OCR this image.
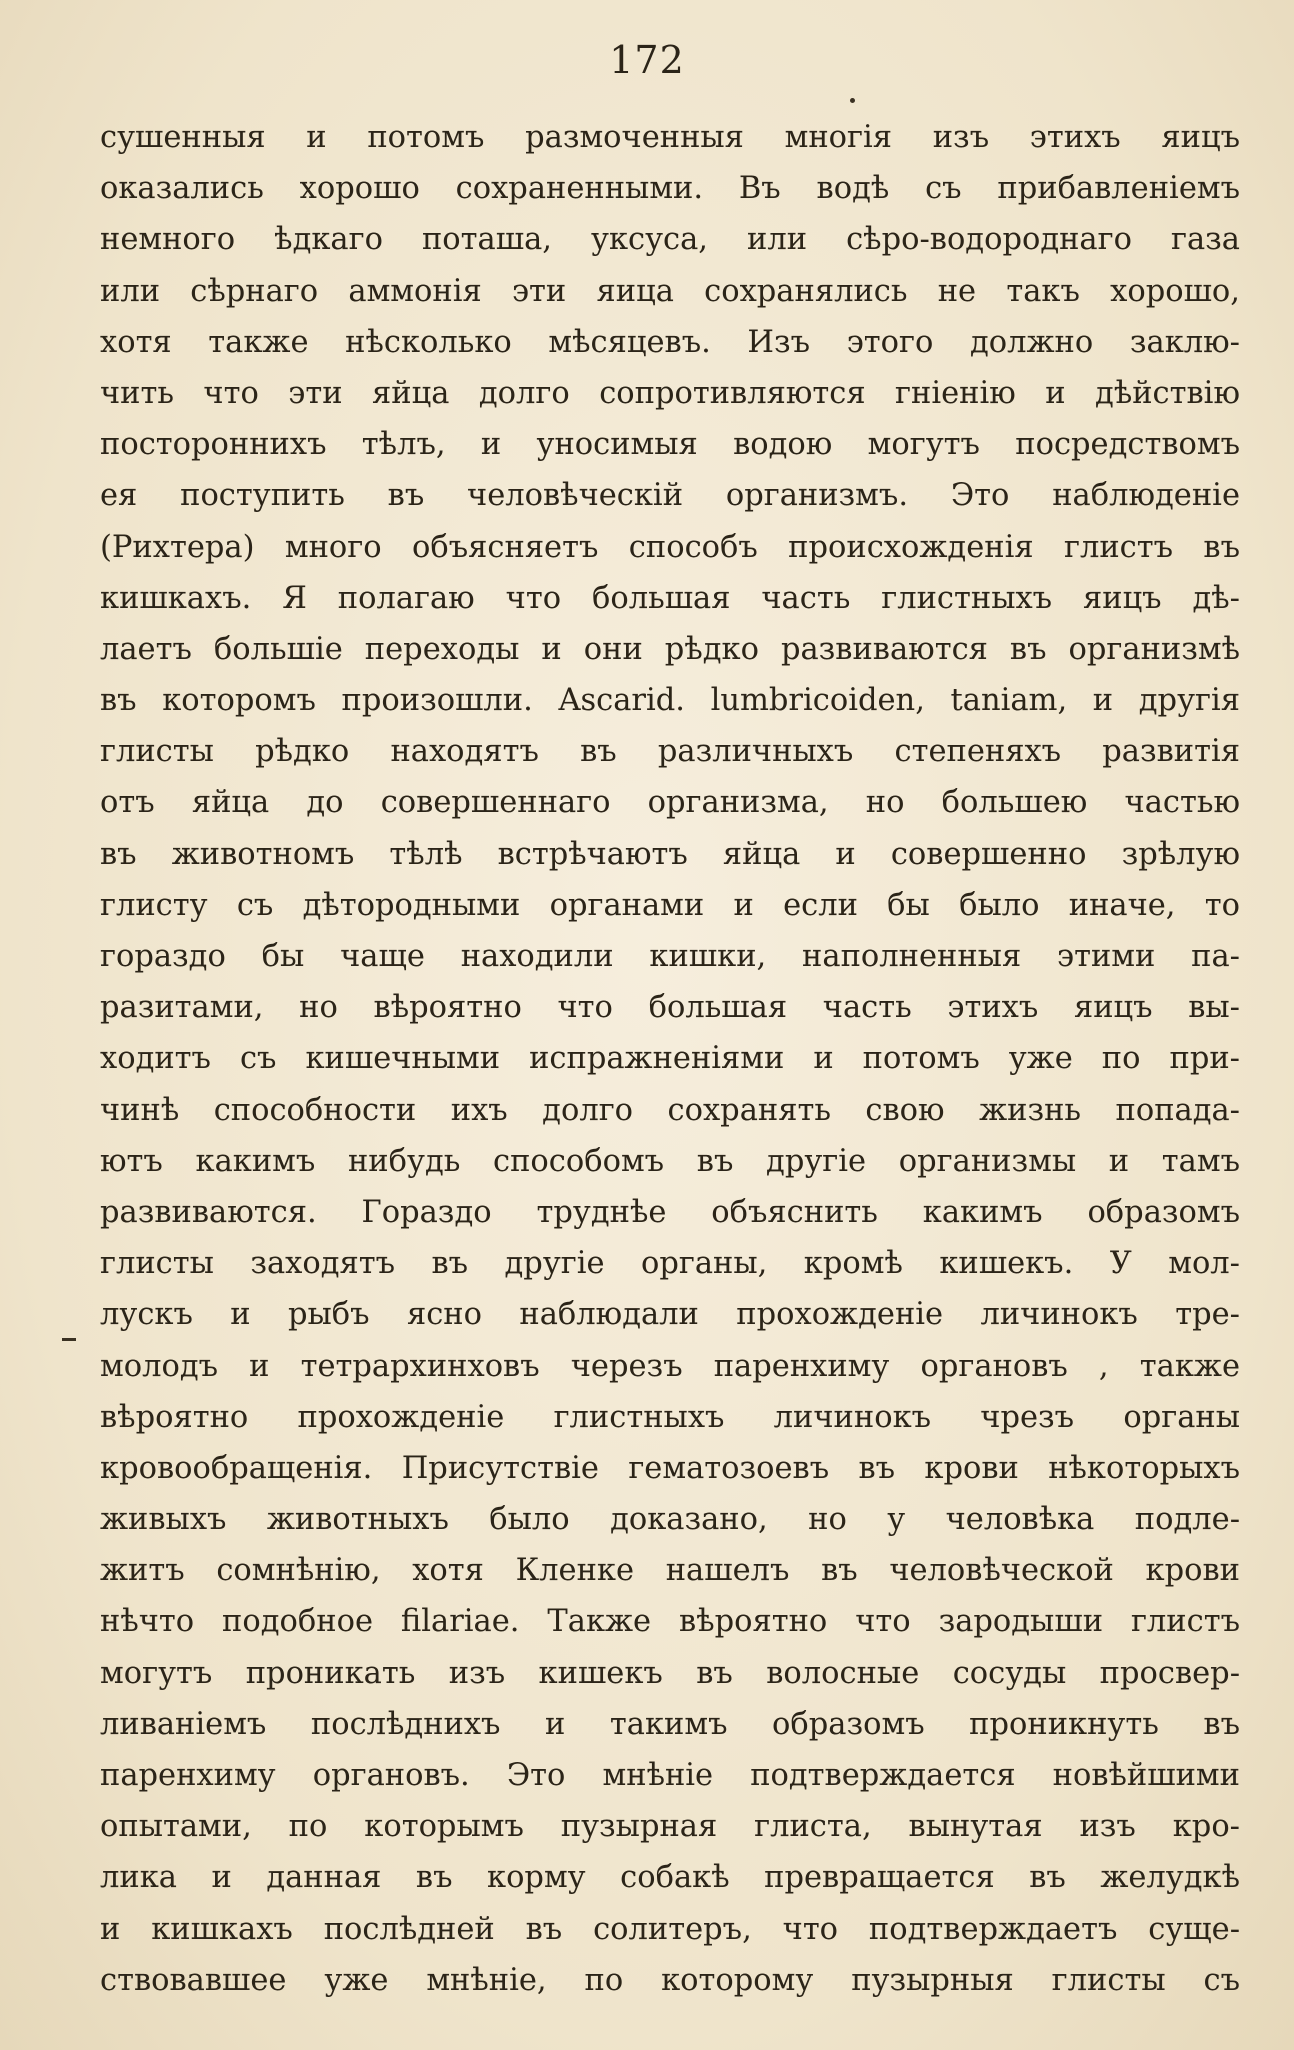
172
сушенныя и потомъ размоченныя многія изъ этихъ яицъ
оказались хорошо сохраненными. Въ водѣ съ прибавленіемъ
немного ѣдкаго поташа, уксуса, или сѣро-водороднаго газа
или сѣрнаго аммонія эти яица сохранялись не такъ хорошо,
хотя также нѣсколько мѣсяцевъ. Изъ этого должно заклю-
чить что эти яйца долго сопротивляются гніенію и дѣйствію
постороннихъ тѣлъ, и уносимыя водою могутъ посредствомъ
ея поступить въ человѣческій организмъ. Это наблюденіе
(Рихтера) много объясняетъ способъ происхожденія глистъ въ
кишкахъ. Я полагаю что большая часть глистныхъ яицъ дѣ-
лаетъ большіе переходы и они рѣдко развиваются въ организмѣ
въ которомъ произошли. Ascarid. lumbricoiden, taniam, и другія
глисты рѣдко находятъ въ различныхъ степеняхъ развитія
отъ яйца до совершеннаго организма, но большею частью
въ животномъ тѣлѣ встрѣчаютъ яйца и совершенно зрѣлую
глисту съ дѣтородными органами и если бы было иначе, то
гораздо бы чаще находили кишки, наполненныя этими па-
разитами, но вѣроятно что большая часть этихъ яицъ вы-
ходитъ съ кишечными испражненіями и потомъ уже по при-
чинѣ способности ихъ долго сохранять свою жизнь попада-
ютъ какимъ нибудь способомъ въ другіе организмы и тамъ
развиваются. Гораздо труднѣе объяснить какимъ образомъ
глисты заходятъ въ другіе органы, кромѣ кишекъ. У мол-
лускъ и рыбъ ясно наблюдали прохожденіе личинокъ тре-
молодъ и тетрархинховъ черезъ паренхиму органовъ , также
вѣроятно прохожденіе глистныхъ личинокъ чрезъ органы
кровообращенія. Присутствіе гематозоевъ въ крови нѣкоторыхъ
живыхъ животныхъ было доказано, но у человѣка подле-
житъ сомнѣнію, хотя Кленке нашелъ въ человѣческой крови
нѣчто подобное filariae. Также вѣроятно что зародыши глистъ
могутъ проникать изъ кишекъ въ волосные сосуды просвер-
ливаніемъ послѣднихъ и такимъ образомъ проникнуть въ
паренхиму органовъ. Это мнѣніе подтверждается новѣйшими
опытами, по которымъ пузырная глиста, вынутая изъ кро-
лика и данная въ корму собакѣ превращается въ желудкѣ
и кишкахъ послѣдней въ солитеръ, что подтверждаетъ суще-
ствовавшее уже мнѣніе, по которому пузырныя глисты съ
